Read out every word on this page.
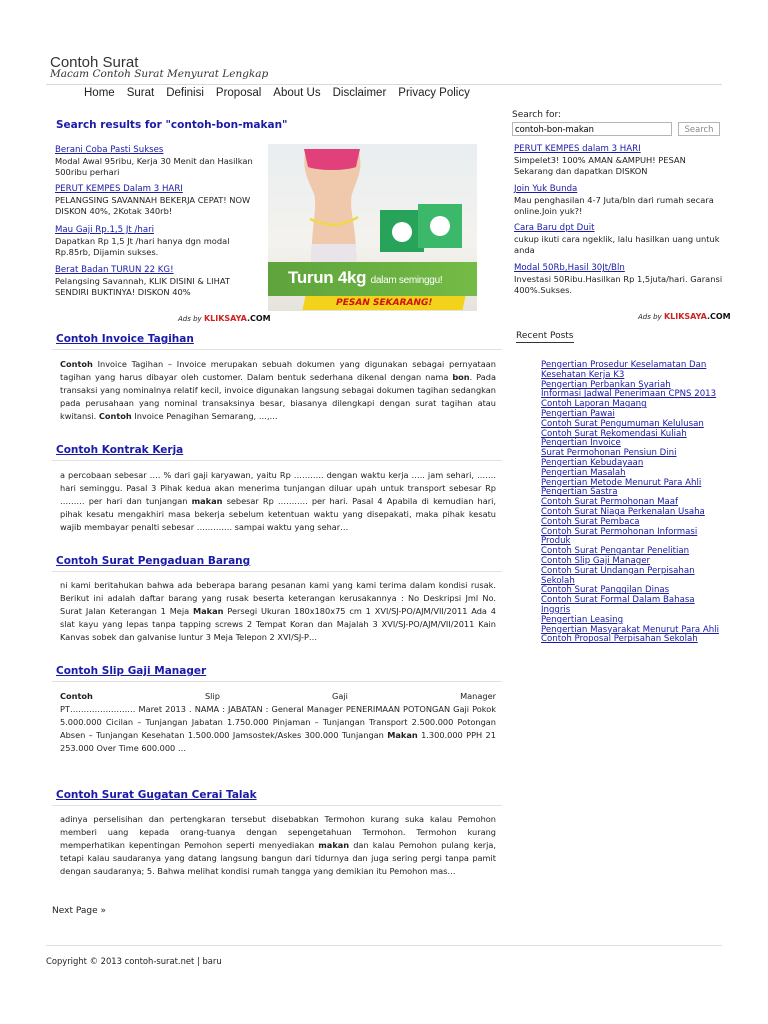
Contoh Surat
Macam Contoh Surat Menyurat Lengkap
Home Surat Definisi Proposal About Us Disclaimer Privacy Policy
Search results for "contoh-bon-makan"
Berani Coba Pasti Sukses
Modal Awal 95ribu, Kerja 30 Menit dan Hasilkan 500ribu perhari
PERUT KEMPES Dalam 3 HARI
PELANGSING SAVANNAH BEKERJA CEPAT! NOW DISKON 40%, 2Kotak 340rb!
Mau Gaji Rp.1,5 Jt /hari
Dapatkan Rp 1,5 Jt /hari hanya dgn modal Rp.85rb, Dijamin sukses.
Berat Badan TURUN 22 KG!
Pelangsing Savannah, KLIK DISINI & LIHAT SENDIRI BUKTINYA! DISKON 40%
Turun 4kg dalam seminggu!
PESAN SEKARANG!
Ads by KLIKSAYA.COM
Contoh Invoice Tagihan
Contoh Invoice Tagihan – Invoice merupakan sebuah dokumen yang digunakan sebagai pernyataan tagihan yang harus dibayar oleh customer. Dalam bentuk sederhana dikenal dengan nama bon. Pada transaksi yang nominalnya relatif kecil, invoice digunakan langsung sebagai dokumen tagihan sedangkan pada perusahaan yang nominal transaksinya besar, biasanya dilengkapi dengan surat tagihan atau kwitansi. Contoh Invoice Penagihan Semarang, …,…
Contoh Kontrak Kerja
a percobaan sebesar …. % dari gaji karyawan, yaitu Rp ……….. dengan waktu kerja ….. jam sehari, ……. hari seminggu. Pasal 3 Pihak kedua akan menerima tunjangan diluar upah untuk transport sebesar Rp ……… per hari dan tunjangan makan sebesar Rp ……….. per hari. Pasal 4 Apabila di kemudian hari, pihak kesatu mengakhiri masa bekerja sebelum ketentuan waktu yang disepakati, maka pihak kesatu wajib membayar penalti sebesar …………. sampai waktu yang sehar…
Contoh Surat Pengaduan Barang
ni kami beritahukan bahwa ada beberapa barang pesanan kami yang kami terima dalam kondisi rusak. Berikut ini adalah daftar barang yang rusak beserta keterangan kerusakannya : No Deskripsi Jml No. Surat Jalan Keterangan 1 Meja Makan Persegi Ukuran 180x180x75 cm 1 XVI/SJ-PO/AJM/VII/2011 Ada 4 slat kayu yang lepas tanpa tapping screws 2 Tempat Koran dan Majalah 3 XVI/SJ-PO/AJM/VII/2011 Kain Kanvas sobek dan galvanise luntur 3 Meja Telepon 2 XVI/SJ-P…
Contoh Slip Gaji Manager
Contoh	Slip	Gaji	Manager
PT…………………… Maret 2013 . NAMA : JABATAN : General Manager PENERIMAAN POTONGAN Gaji Pokok 5.000.000 Cicilan – Tunjangan Jabatan 1.750.000 Pinjaman – Tunjangan Transport 2.500.000 Potongan Absen – Tunjangan Kesehatan 1.500.000 Jamsostek/Askes 300.000 Tunjangan Makan 1.300.000 PPH 21 253.000 Over Time 600.000 …
Contoh Surat Gugatan Cerai Talak
adinya perselisihan dan pertengkaran tersebut disebabkan Termohon kurang suka kalau Pemohon memberi uang kepada orang-tuanya dengan sepengetahuan Termohon. Termohon kurang memperhatikan kepentingan Pemohon seperti menyediakan makan dan kalau Pemohon pulang kerja, tetapi kalau saudaranya yang datang langsung bangun dari tidurnya dan juga sering pergi tanpa pamit dengan saudaranya; 5. Bahwa melihat kondisi rumah tangga yang demikian itu Pemohon mas…
Next Page »
Copyright © 2013 contoh-surat.net | baru
Search for:
contoh-bon-makan
Search
PERUT KEMPES dalam 3 HARI
Simpelet3! 100% AMAN &AMPUH! PESAN Sekarang dan dapatkan DISKON
Join Yuk Bunda
Mau penghasilan 4-7 Juta/bln dari rumah secara online.Join yuk?!
Cara Baru dpt Duit
cukup ikuti cara ngeklik, lalu hasilkan uang untuk anda
Modal 50Rb,Hasil 30Jt/Bln
Investasi 50Ribu.Hasilkan Rp 1,5juta/hari. Garansi 400%.Sukses.
Ads by KLIKSAYA.COM
Recent Posts
Pengertian Prosedur Keselamatan Dan Kesehatan Kerja K3
Pengertian Perbankan Syariah
Informasi Jadwal Penerimaan CPNS 2013
Contoh Laporan Magang
Pengertian Pawai
Contoh Surat Pengumuman Kelulusan
Contoh Surat Rekomendasi Kuliah
Pengertian Invoice
Surat Permohonan Pensiun Dini
Pengertian Kebudayaan
Pengertian Masalah
Pengertian Metode Menurut Para Ahli
Pengertian Sastra
Contoh Surat Permohonan Maaf
Contoh Surat Niaga Perkenalan Usaha
Contoh Surat Pembaca
Contoh Surat Permohonan Informasi Produk
Contoh Surat Pengantar Penelitian
Contoh Slip Gaji Manager
Contoh Surat Undangan Perpisahan Sekolah
Contoh Surat Panggilan Dinas
Contoh Surat Formal Dalam Bahasa Inggris
Pengertian Leasing
Pengertian Masyarakat Menurut Para Ahli
Contoh Proposal Perpisahan Sekolah
